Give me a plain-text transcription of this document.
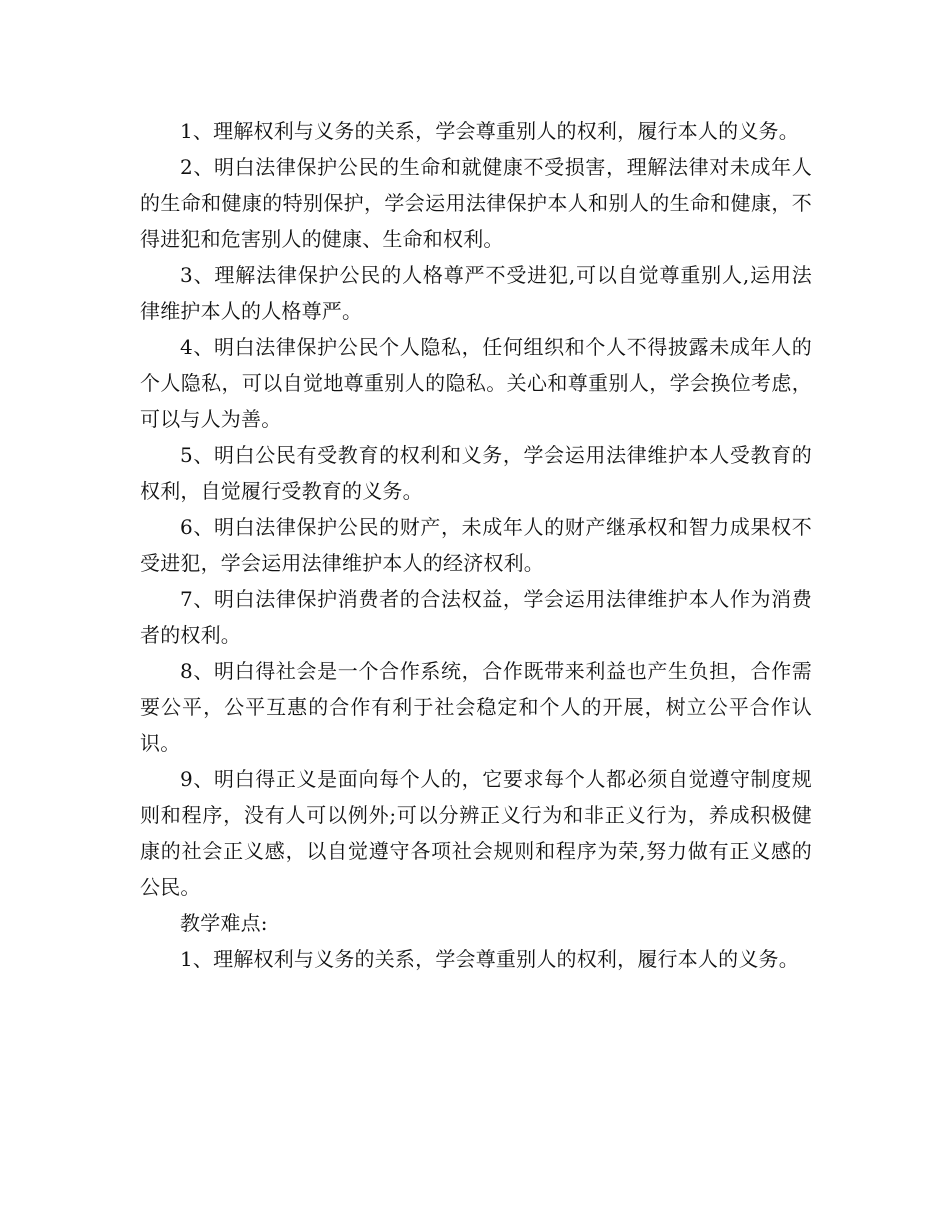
1、理解权利与义务的关系，学会尊重别人的权利，履行本人的义务。

2、明白法律保护公民的生命和就健康不受损害，理解法律对未成年人的生命和健康的特别保护，学会运用法律保护本人和别人的生命和健康，不得进犯和危害别人的健康、生命和权利。

3、理解法律保护公民的人格尊严不受进犯,可以自觉尊重别人,运用法律维护本人的人格尊严。

4、明白法律保护公民个人隐私，任何组织和个人不得披露未成年人的个人隐私，可以自觉地尊重别人的隐私。关心和尊重别人，学会换位考虑，可以与人为善。

5、明白公民有受教育的权利和义务，学会运用法律维护本人受教育的权利，自觉履行受教育的义务。

6、明白法律保护公民的财产，未成年人的财产继承权和智力成果权不受进犯，学会运用法律维护本人的经济权利。

7、明白法律保护消费者的合法权益，学会运用法律维护本人作为消费者的权利。

8、明白得社会是一个合作系统，合作既带来利益也产生负担，合作需要公平，公平互惠的合作有利于社会稳定和个人的开展，树立公平合作认识。

9、明白得正义是面向每个人的，它要求每个人都必须自觉遵守制度规则和程序，没有人可以例外;可以分辨正义行为和非正义行为，养成积极健康的社会正义感，以自觉遵守各项社会规则和程序为荣,努力做有正义感的公民。

教学难点:

1、理解权利与义务的关系，学会尊重别人的权利，履行本人的义务。
